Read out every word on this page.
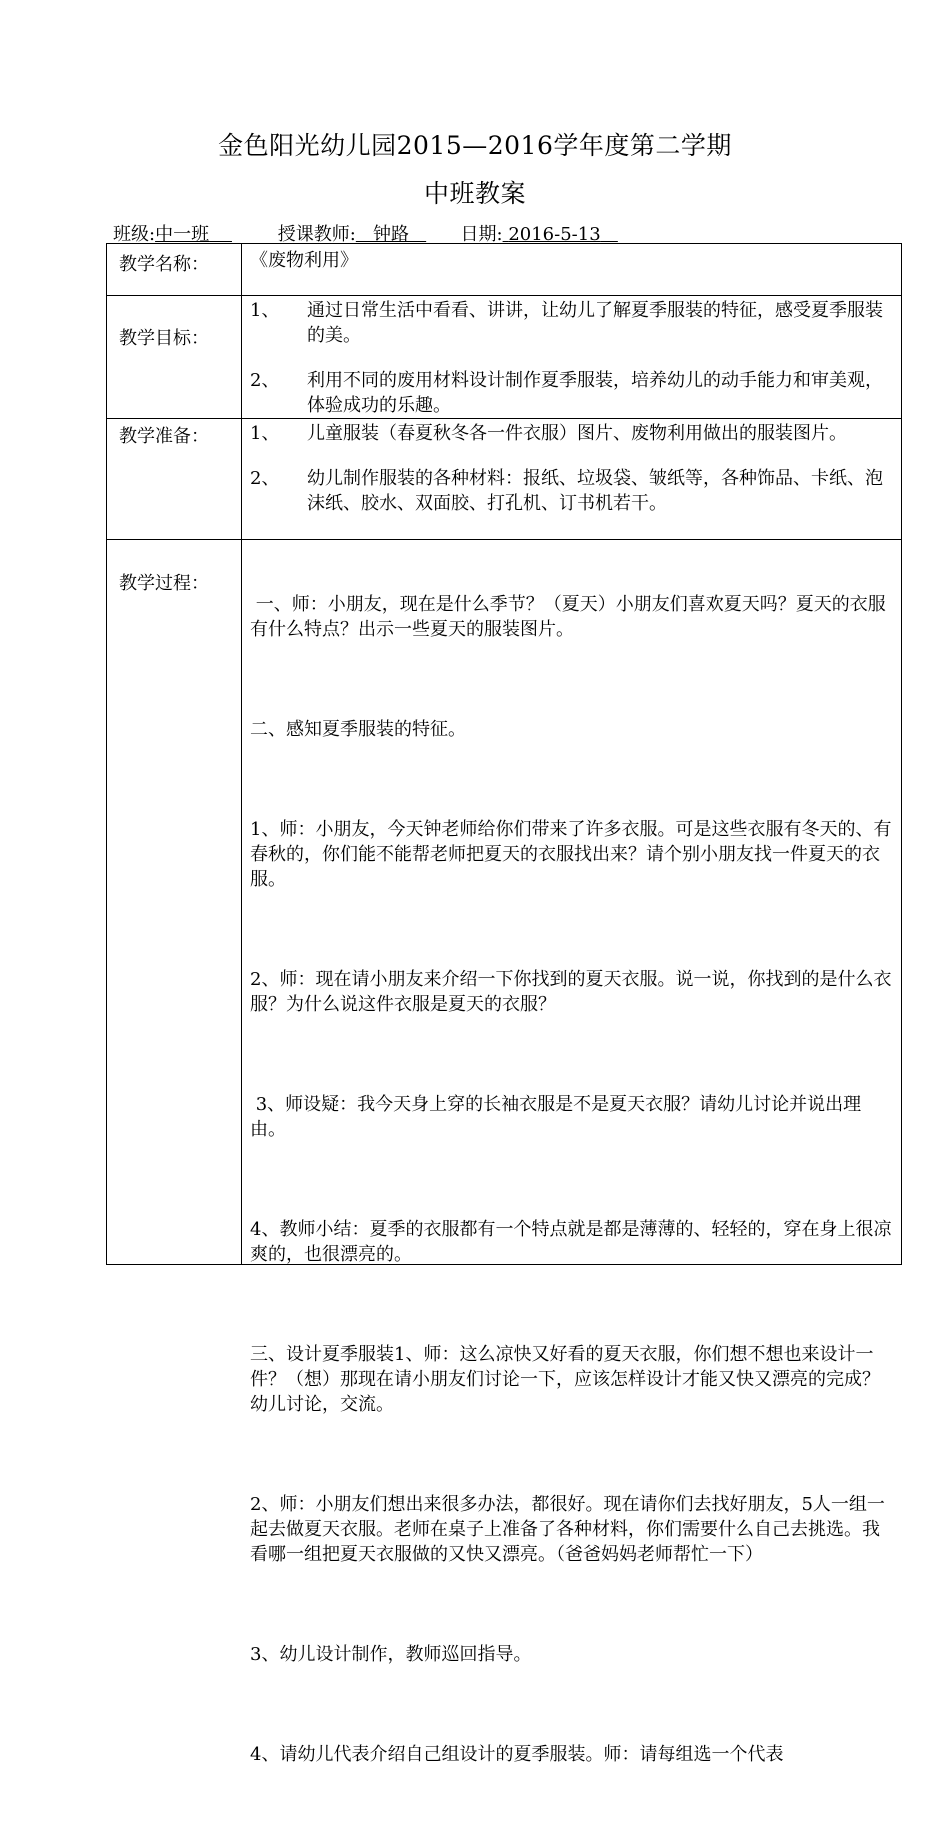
金色阳光幼儿园2015—2016学年度第二学期
中班教案
班级:中一班	授课教师: 钟路	日期: 2016-5-13
教学名称： 《废物利用》
教学目标：
1、 通过日常生活中看看、讲讲，让幼儿了解夏季服装的特征，感受夏季服装的美。
2、 利用不同的废用材料设计制作夏季服装，培养幼儿的动手能力和审美观，体验成功的乐趣。
教学准备： 1、 儿童服装（春夏秋冬各一件衣服）图片、废物利用做出的服装图片。
2、 幼儿制作服装的各种材料：报纸、垃圾袋、皱纸等，各种饰品、卡纸、泡沫纸、胶水、双面胶、打孔机、订书机若干。
教学过程：

一、师：小朋友，现在是什么季节？（夏天）小朋友们喜欢夏天吗？夏天的衣服有什么特点？出示一些夏天的服装图片。

二、感知夏季服装的特征。

1、师：小朋友，今天钟老师给你们带来了许多衣服。可是这些衣服有冬天的、有春秋的，你们能不能帮老师把夏天的衣服找出来？请个别小朋友找一件夏天的衣服。

2、师：现在请小朋友来介绍一下你找到的夏天衣服。说一说，你找到的是什么衣服？为什么说这件衣服是夏天的衣服？

3、师设疑：我今天身上穿的长袖衣服是不是夏天衣服？请幼儿讨论并说出理由。

4、教师小结：夏季的衣服都有一个特点就是都是薄薄的、轻轻的，穿在身上很凉爽的，也很漂亮的。

三、设计夏季服装1、师：这么凉快又好看的夏天衣服，你们想不想也来设计一件？（想）那现在请小朋友们讨论一下，应该怎样设计才能又快又漂亮的完成？幼儿讨论，交流。

2、师：小朋友们想出来很多办法，都很好。现在请你们去找好朋友，5人一组一起去做夏天衣服。老师在桌子上准备了各种材料，你们需要什么自己去挑选。我看哪一组把夏天衣服做的又快又漂亮。（爸爸妈妈老师帮忙一下）

3、幼儿设计制作，教师巡回指导。

4、请幼儿代表介绍自己组设计的夏季服装。师：请每组选一个代表
